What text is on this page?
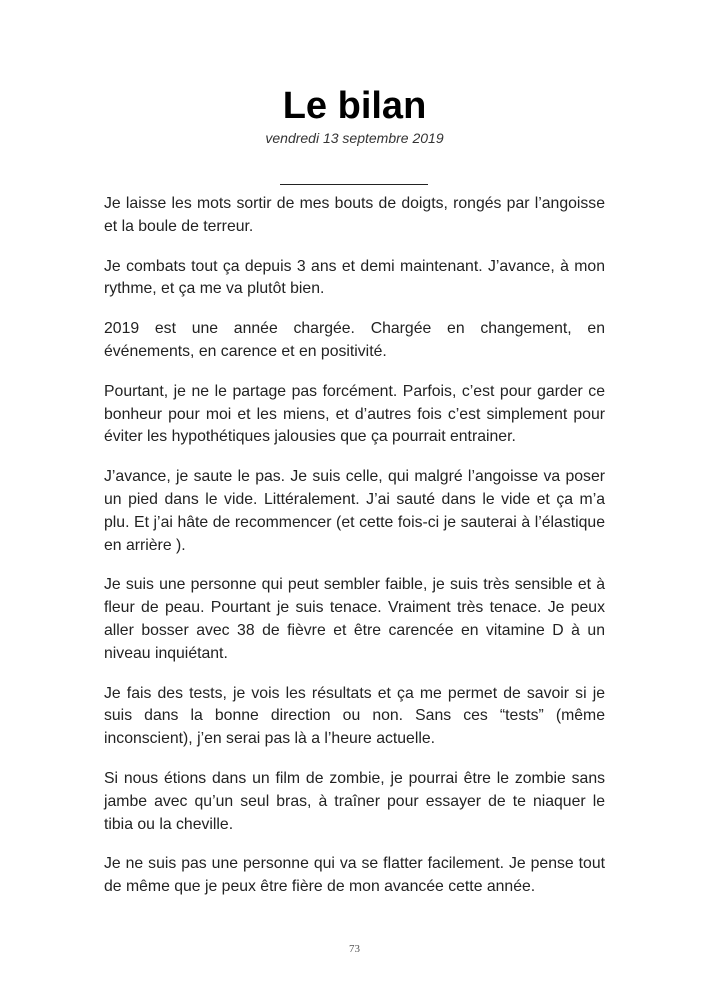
Le bilan
vendredi 13 septembre 2019

Je laisse les mots sortir de mes bouts de doigts, rongés par l’angoisse et la boule de terreur.

Je combats tout ça depuis 3 ans et demi maintenant. J’avance, à mon rythme, et ça me va plutôt bien.

2019 est une année chargée. Chargée en changement, en événements, en carence et en positivité.

Pourtant, je ne le partage pas forcément. Parfois, c’est pour garder ce bonheur pour moi et les miens, et d’autres fois c’est simplement pour éviter les hypothétiques jalousies que ça pourrait entrainer.

J’avance, je saute le pas. Je suis celle, qui malgré l’angoisse va poser un pied dans le vide. Littéralement. J’ai sauté dans le vide et ça m’a plu. Et j’ai hâte de recommencer (et cette fois-ci je sauterai à l’élastique en arrière ).

Je suis une personne qui peut sembler faible, je suis très sensible et à fleur de peau. Pourtant je suis tenace. Vraiment très tenace. Je peux aller bosser avec 38 de fièvre et être carencée en vitamine D à un niveau inquiétant.

Je fais des tests, je vois les résultats et ça me permet de savoir si je suis dans la bonne direction ou non. Sans ces “tests” (même inconscient), j’en serai pas là a l’heure actuelle.

Si nous étions dans un film de zombie, je pourrai être le zombie sans jambe avec qu’un seul bras, à traîner pour essayer de te niaquer le tibia ou la cheville.

Je ne suis pas une personne qui va se flatter facilement. Je pense tout de même que je peux être fière de mon avancée cette année.

73
